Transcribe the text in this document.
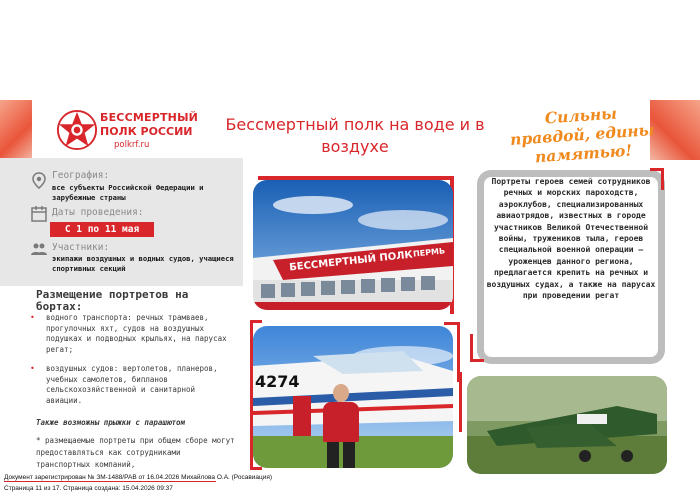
БЕССМЕРТНЫЙ
ПОЛК РОССИИ
polkrf.ru
Бессмертный полк на воде и в воздухе
Сильны правдой, едины памятью!
География:
все субъекты Российской Федерации и зарубежные страны
Даты проведения:
С 1 по 11 мая
Участники:
экипажи воздушных и водных судов, учащиеся спортивных секций
Размещение портретов на бортах:
• водного транспорта: речных трамваев, прогулочных яхт, судов на воздушных подушках и подводных крыльях, на парусах регат;
• воздушных судов: вертолетов, планеров, учебных самолетов, бипланов сельскохозяйственной и санитарной авиации.
Также возможны прыжки с парашютом
* размещаемые портреты при общем сборе могут предоставляться как сотрудниками транспортных компаний,
БЕССМЕРТНЫЙ ПОЛК ПЕРМЬ
4274
Портреты героев семей сотрудников речных и морских пароходств, аэроклубов, специализированных авиаотрядов, известных в городе участников Великой Отечественной войны, тружеников тыла, героев специальной военной операции – уроженцев данного региона, предлагается крепить на речных и воздушных судах, а также на парусах при проведении регат
Документ зарегистрирован № ЗМ-1488/РАВ от 16.04.2026 Михайлова О.А. (Росавиация)
Страница 11 из 17. Страница создана: 15.04.2026 09:37
